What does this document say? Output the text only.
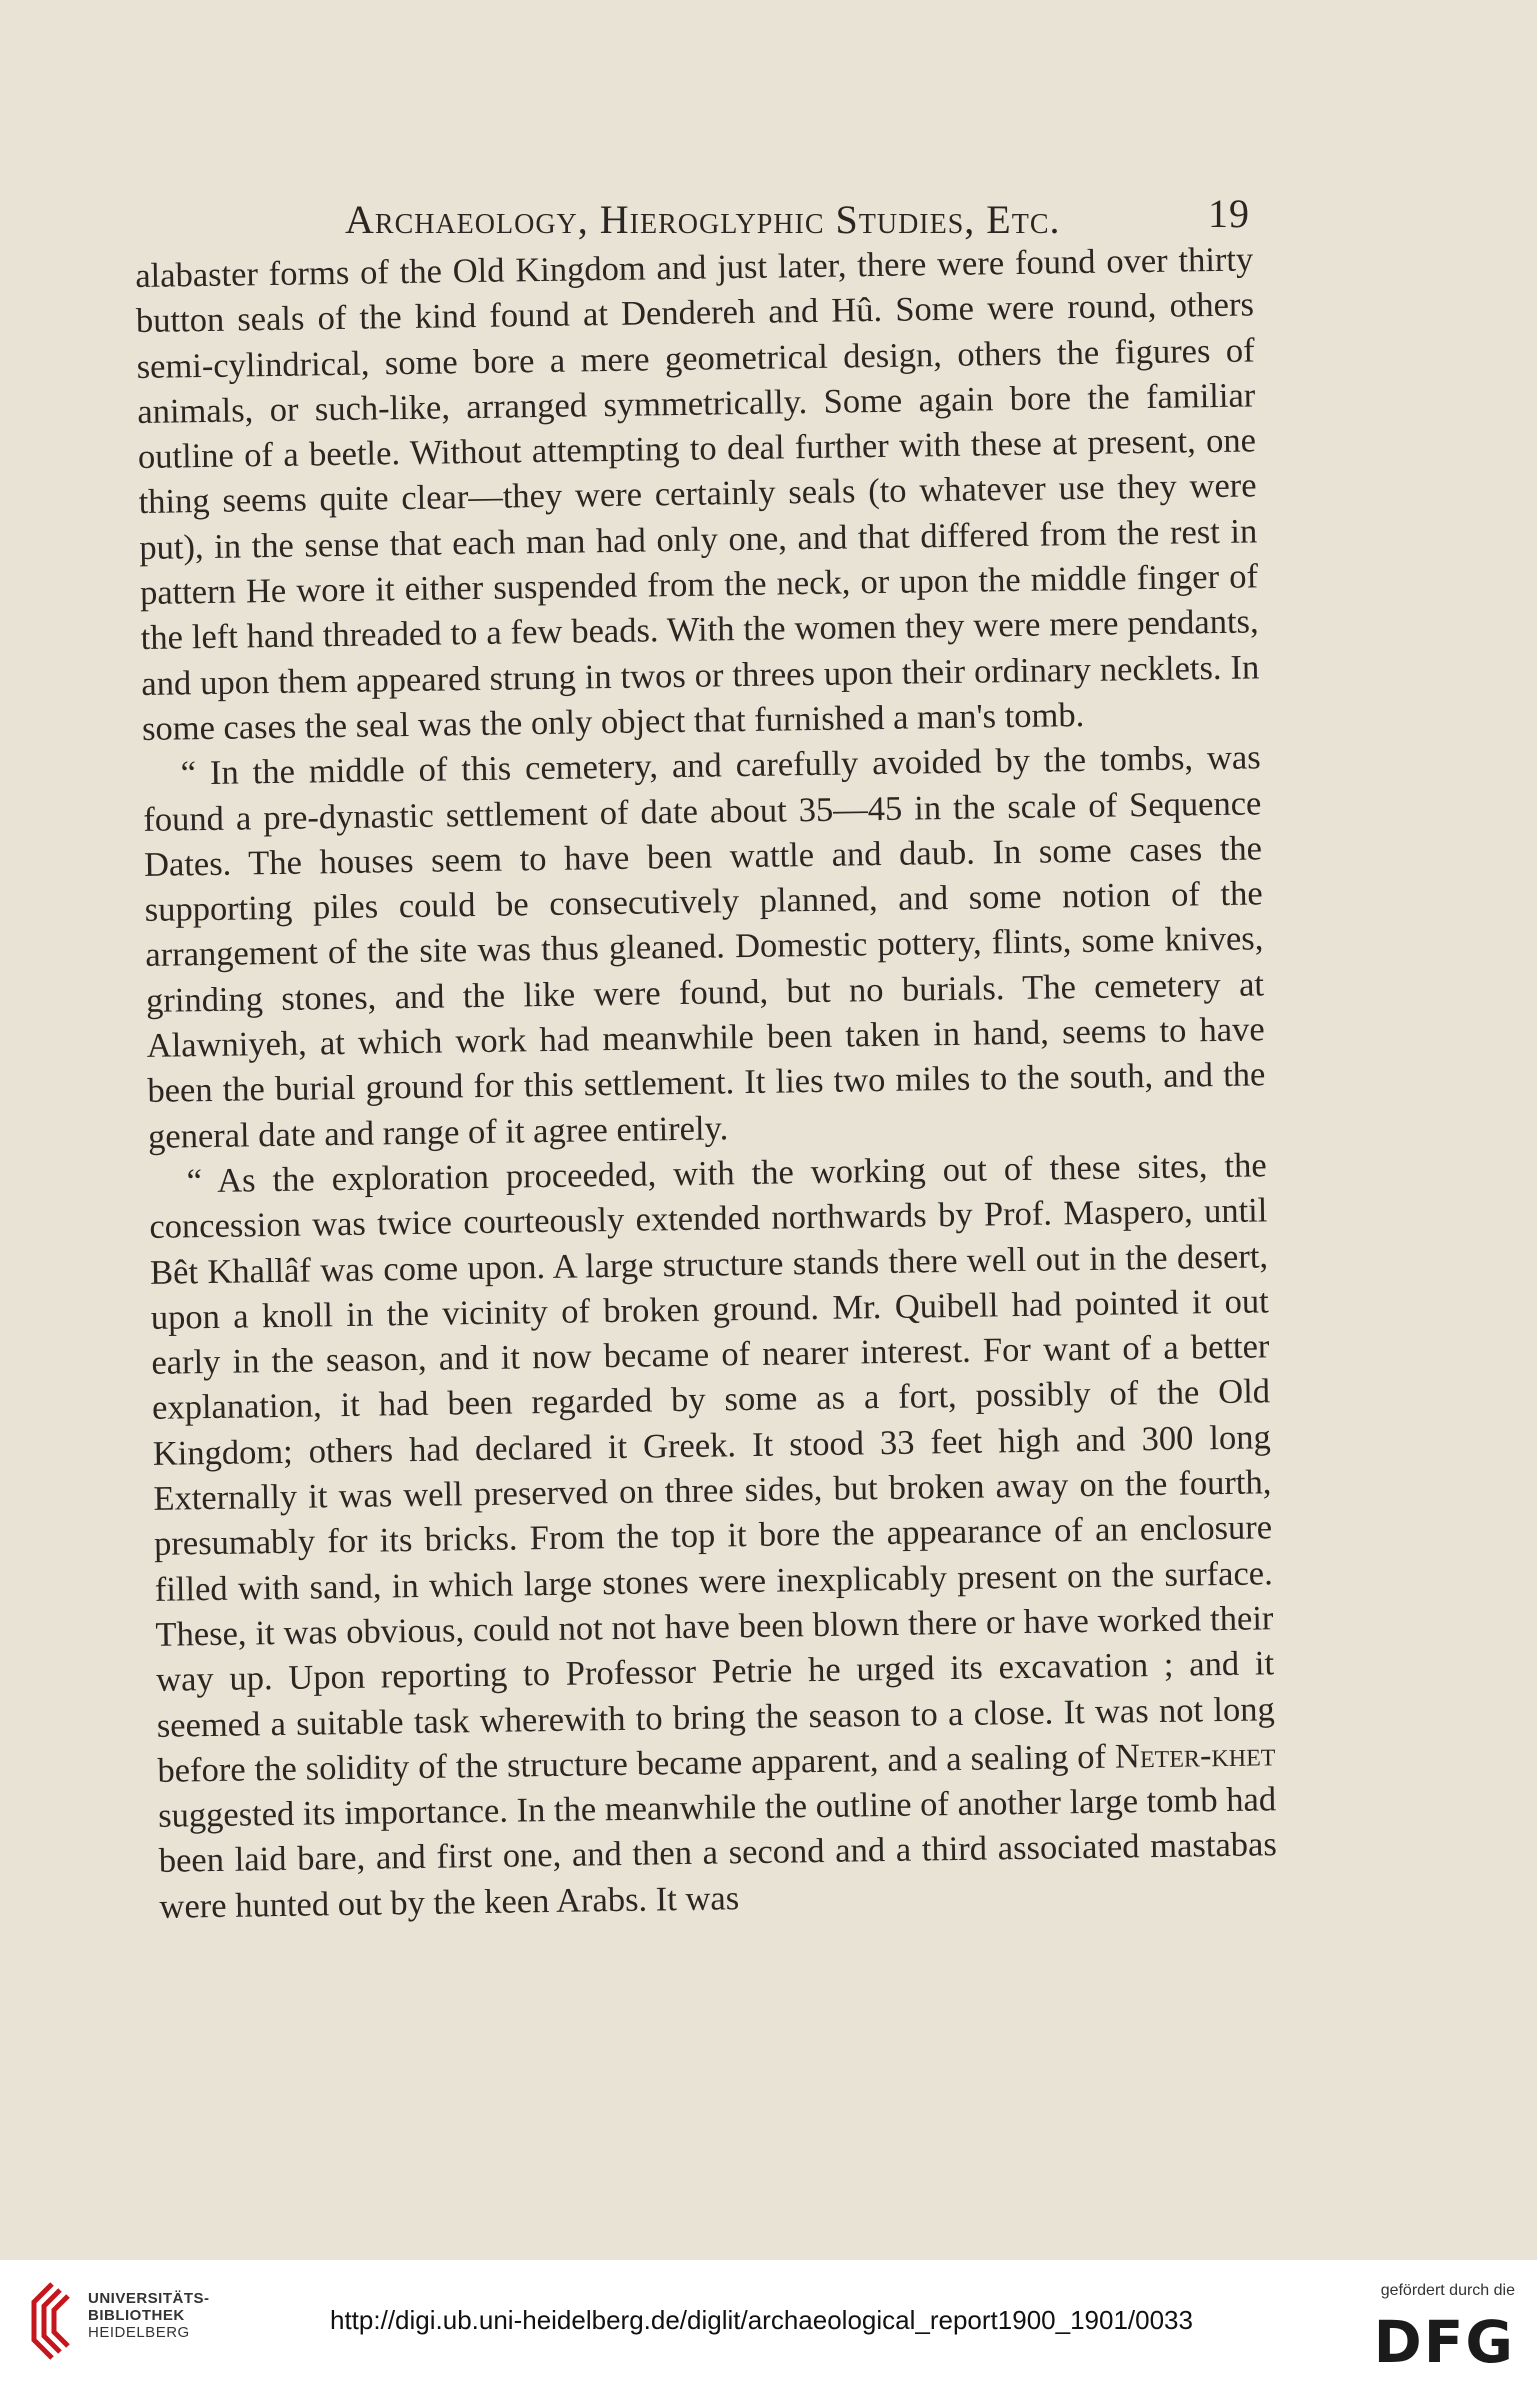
Archaeology, Hieroglyphic Studies, Etc.	19

alabaster forms of the Old Kingdom and just later, there were found over thirty button seals of the kind found at Dendereh and Hû. Some were round, others semi-cylindrical, some bore a mere geometrical design, others the figures of animals, or such-like, arranged symmetrically. Some again bore the familiar outline of a beetle. Without attempting to deal further with these at present, one thing seems quite clear—they were certainly seals (to whatever use they were put), in the sense that each man had only one, and that differed from the rest in pattern He wore it either suspended from the neck, or upon the middle finger of the left hand threaded to a few beads. With the women they were mere pendants, and upon them appeared strung in twos or threes upon their ordinary necklets. In some cases the seal was the only object that furnished a man's tomb.

“ In the middle of this cemetery, and carefully avoided by the tombs, was found a pre-dynastic settlement of date about 35—45 in the scale of Sequence Dates. The houses seem to have been wattle and daub. In some cases the supporting piles could be consecutively planned, and some notion of the arrangement of the site was thus gleaned. Domestic pottery, flints, some knives, grinding stones, and the like were found, but no burials. The cemetery at Alawniyeh, at which work had meanwhile been taken in hand, seems to have been the burial ground for this settlement. It lies two miles to the south, and the general date and range of it agree entirely.

“ As the exploration proceeded, with the working out of these sites, the concession was twice courteously extended northwards by Prof. Maspero, until Bêt Khallâf was come upon. A large structure stands there well out in the desert, upon a knoll in the vicinity of broken ground. Mr. Quibell had pointed it out early in the season, and it now became of nearer interest. For want of a better explanation, it had been regarded by some as a fort, possibly of the Old Kingdom; others had declared it Greek. It stood 33 feet high and 300 long Externally it was well preserved on three sides, but broken away on the fourth, presumably for its bricks. From the top it bore the appearance of an enclosure filled with sand, in which large stones were inexplicably present on the surface. These, it was obvious, could not not have been blown there or have worked their way up. Upon reporting to Professor Petrie he urged its excavation ; and it seemed a suitable task wherewith to bring the season to a close. It was not long before the solidity of the structure became apparent, and a sealing of Neter-khet suggested its importance. In the meanwhile the outline of another large tomb had been laid bare, and first one, and then a second and a third associated mastabas were hunted out by the keen Arabs. It was

UNIVERSITÄTS-
BIBLIOTHEK
HEIDELBERG	http://digi.ub.uni-heidelberg.de/diglit/archaeological_report1900_1901/0033
gefördert durch die
DFG
